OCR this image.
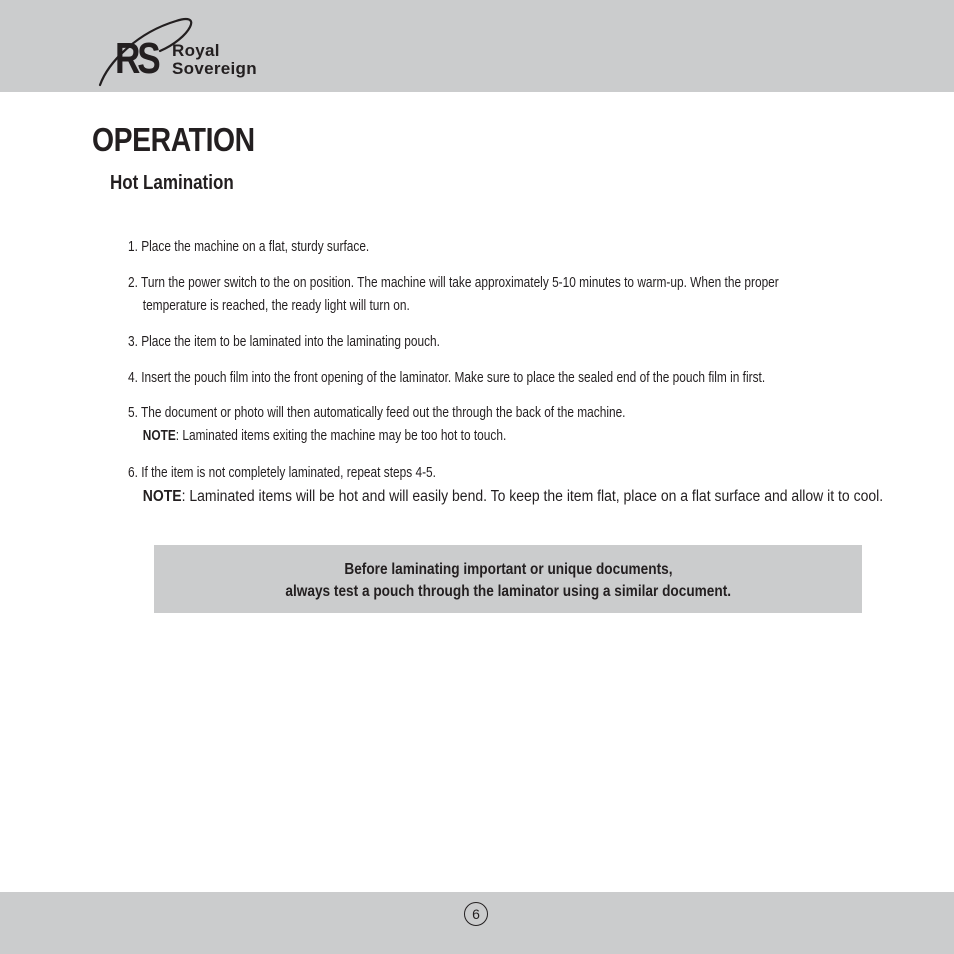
RS Royal
Sovereign
OPERATION
Hot Lamination
1. Place the machine on a flat, sturdy surface.
2. Turn the power switch to the on position. The machine will take approximately 5-10 minutes to warm-up. When the proper
temperature is reached, the ready light will turn on.
3. Place the item to be laminated into the laminating pouch.
4. Insert the pouch film into the front opening of the laminator. Make sure to place the sealed end of the pouch film in first.
5. The document or photo will then automatically feed out the through the back of the machine.
NOTE: Laminated items exiting the machine may be too hot to touch.
6. If the item is not completely laminated, repeat steps 4-5.
NOTE: Laminated items will be hot and will easily bend. To keep the item flat, place on a flat surface and allow it to cool.
Before laminating important or unique documents,
always test a pouch through the laminator using a similar document.
6
